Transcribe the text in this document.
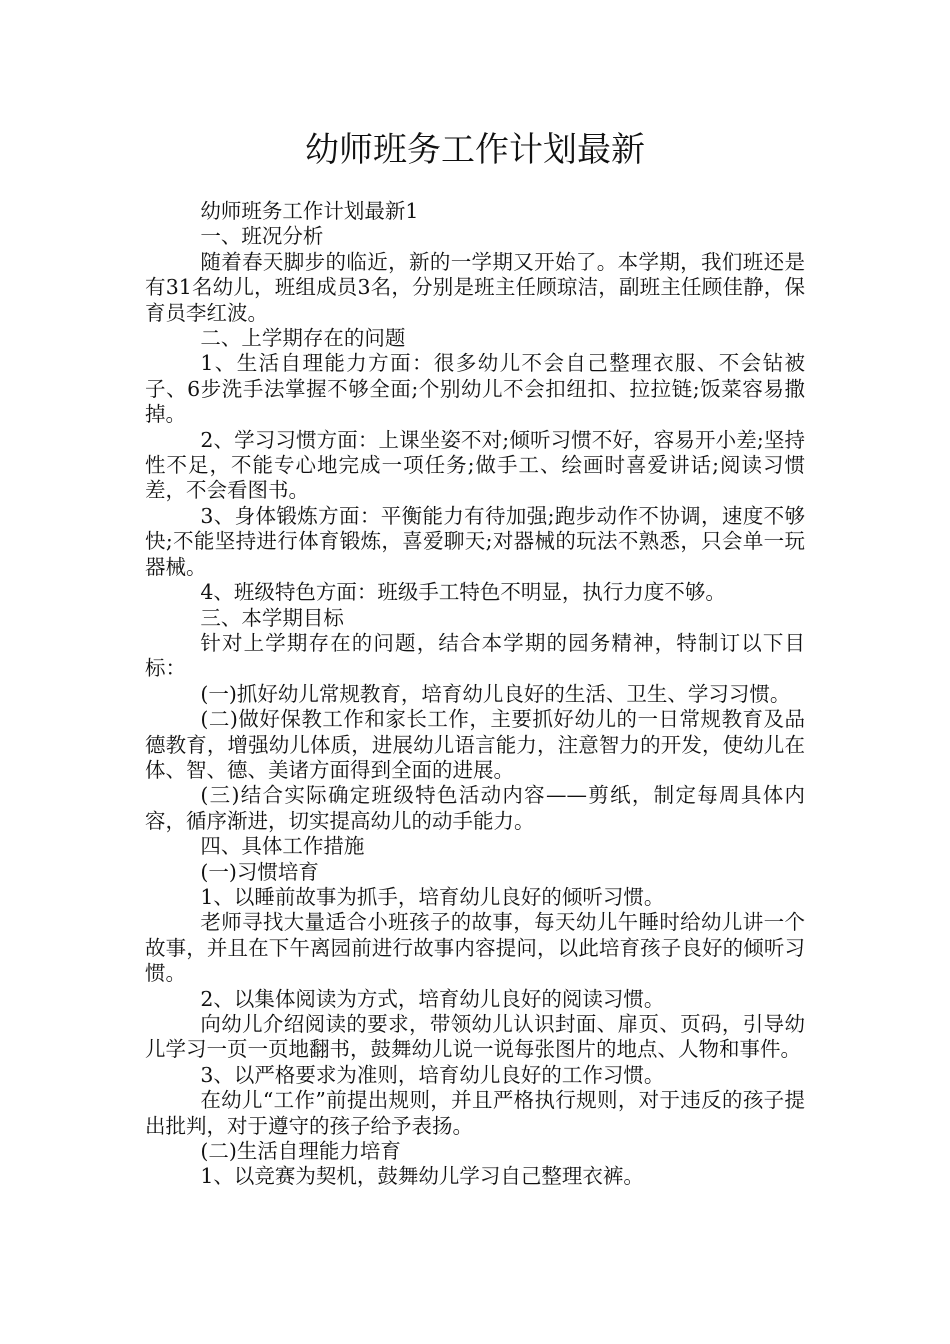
幼师班务工作计划最新

幼师班务工作计划最新1

一、班况分析

随着春天脚步的临近，新的一学期又开始了。本学期，我们班还是有31名幼儿，班组成员3名，分别是班主任顾琼洁，副班主任顾佳静，保育员李红波。

二、上学期存在的问题

1、生活自理能力方面：很多幼儿不会自己整理衣服、不会钻被子、6步洗手法掌握不够全面;个别幼儿不会扣纽扣、拉拉链;饭菜容易撒掉。

2、学习习惯方面：上课坐姿不对;倾听习惯不好，容易开小差;坚持性不足，不能专心地完成一项任务;做手工、绘画时喜爱讲话;阅读习惯差，不会看图书。

3、身体锻炼方面：平衡能力有待加强;跑步动作不协调，速度不够快;不能坚持进行体育锻炼，喜爱聊天;对器械的玩法不熟悉，只会单一玩器械。

4、班级特色方面：班级手工特色不明显，执行力度不够。

三、本学期目标

针对上学期存在的问题，结合本学期的园务精神，特制订以下目标：

(一)抓好幼儿常规教育，培育幼儿良好的生活、卫生、学习习惯。

(二)做好保教工作和家长工作，主要抓好幼儿的一日常规教育及品德教育，增强幼儿体质，进展幼儿语言能力，注意智力的开发，使幼儿在体、智、德、美诸方面得到全面的进展。

(三)结合实际确定班级特色活动内容——剪纸，制定每周具体内容，循序渐进，切实提高幼儿的动手能力。

四、具体工作措施

(一)习惯培育

1、以睡前故事为抓手，培育幼儿良好的倾听习惯。

老师寻找大量适合小班孩子的故事，每天幼儿午睡时给幼儿讲一个故事，并且在下午离园前进行故事内容提问，以此培育孩子良好的倾听习惯。

2、以集体阅读为方式，培育幼儿良好的阅读习惯。

向幼儿介绍阅读的要求，带领幼儿认识封面、扉页、页码，引导幼儿学习一页一页地翻书，鼓舞幼儿说一说每张图片的地点、人物和事件。

3、以严格要求为准则，培育幼儿良好的工作习惯。

在幼儿“工作”前提出规则，并且严格执行规则，对于违反的孩子提出批判，对于遵守的孩子给予表扬。

(二)生活自理能力培育

1、以竞赛为契机，鼓舞幼儿学习自己整理衣裤。
